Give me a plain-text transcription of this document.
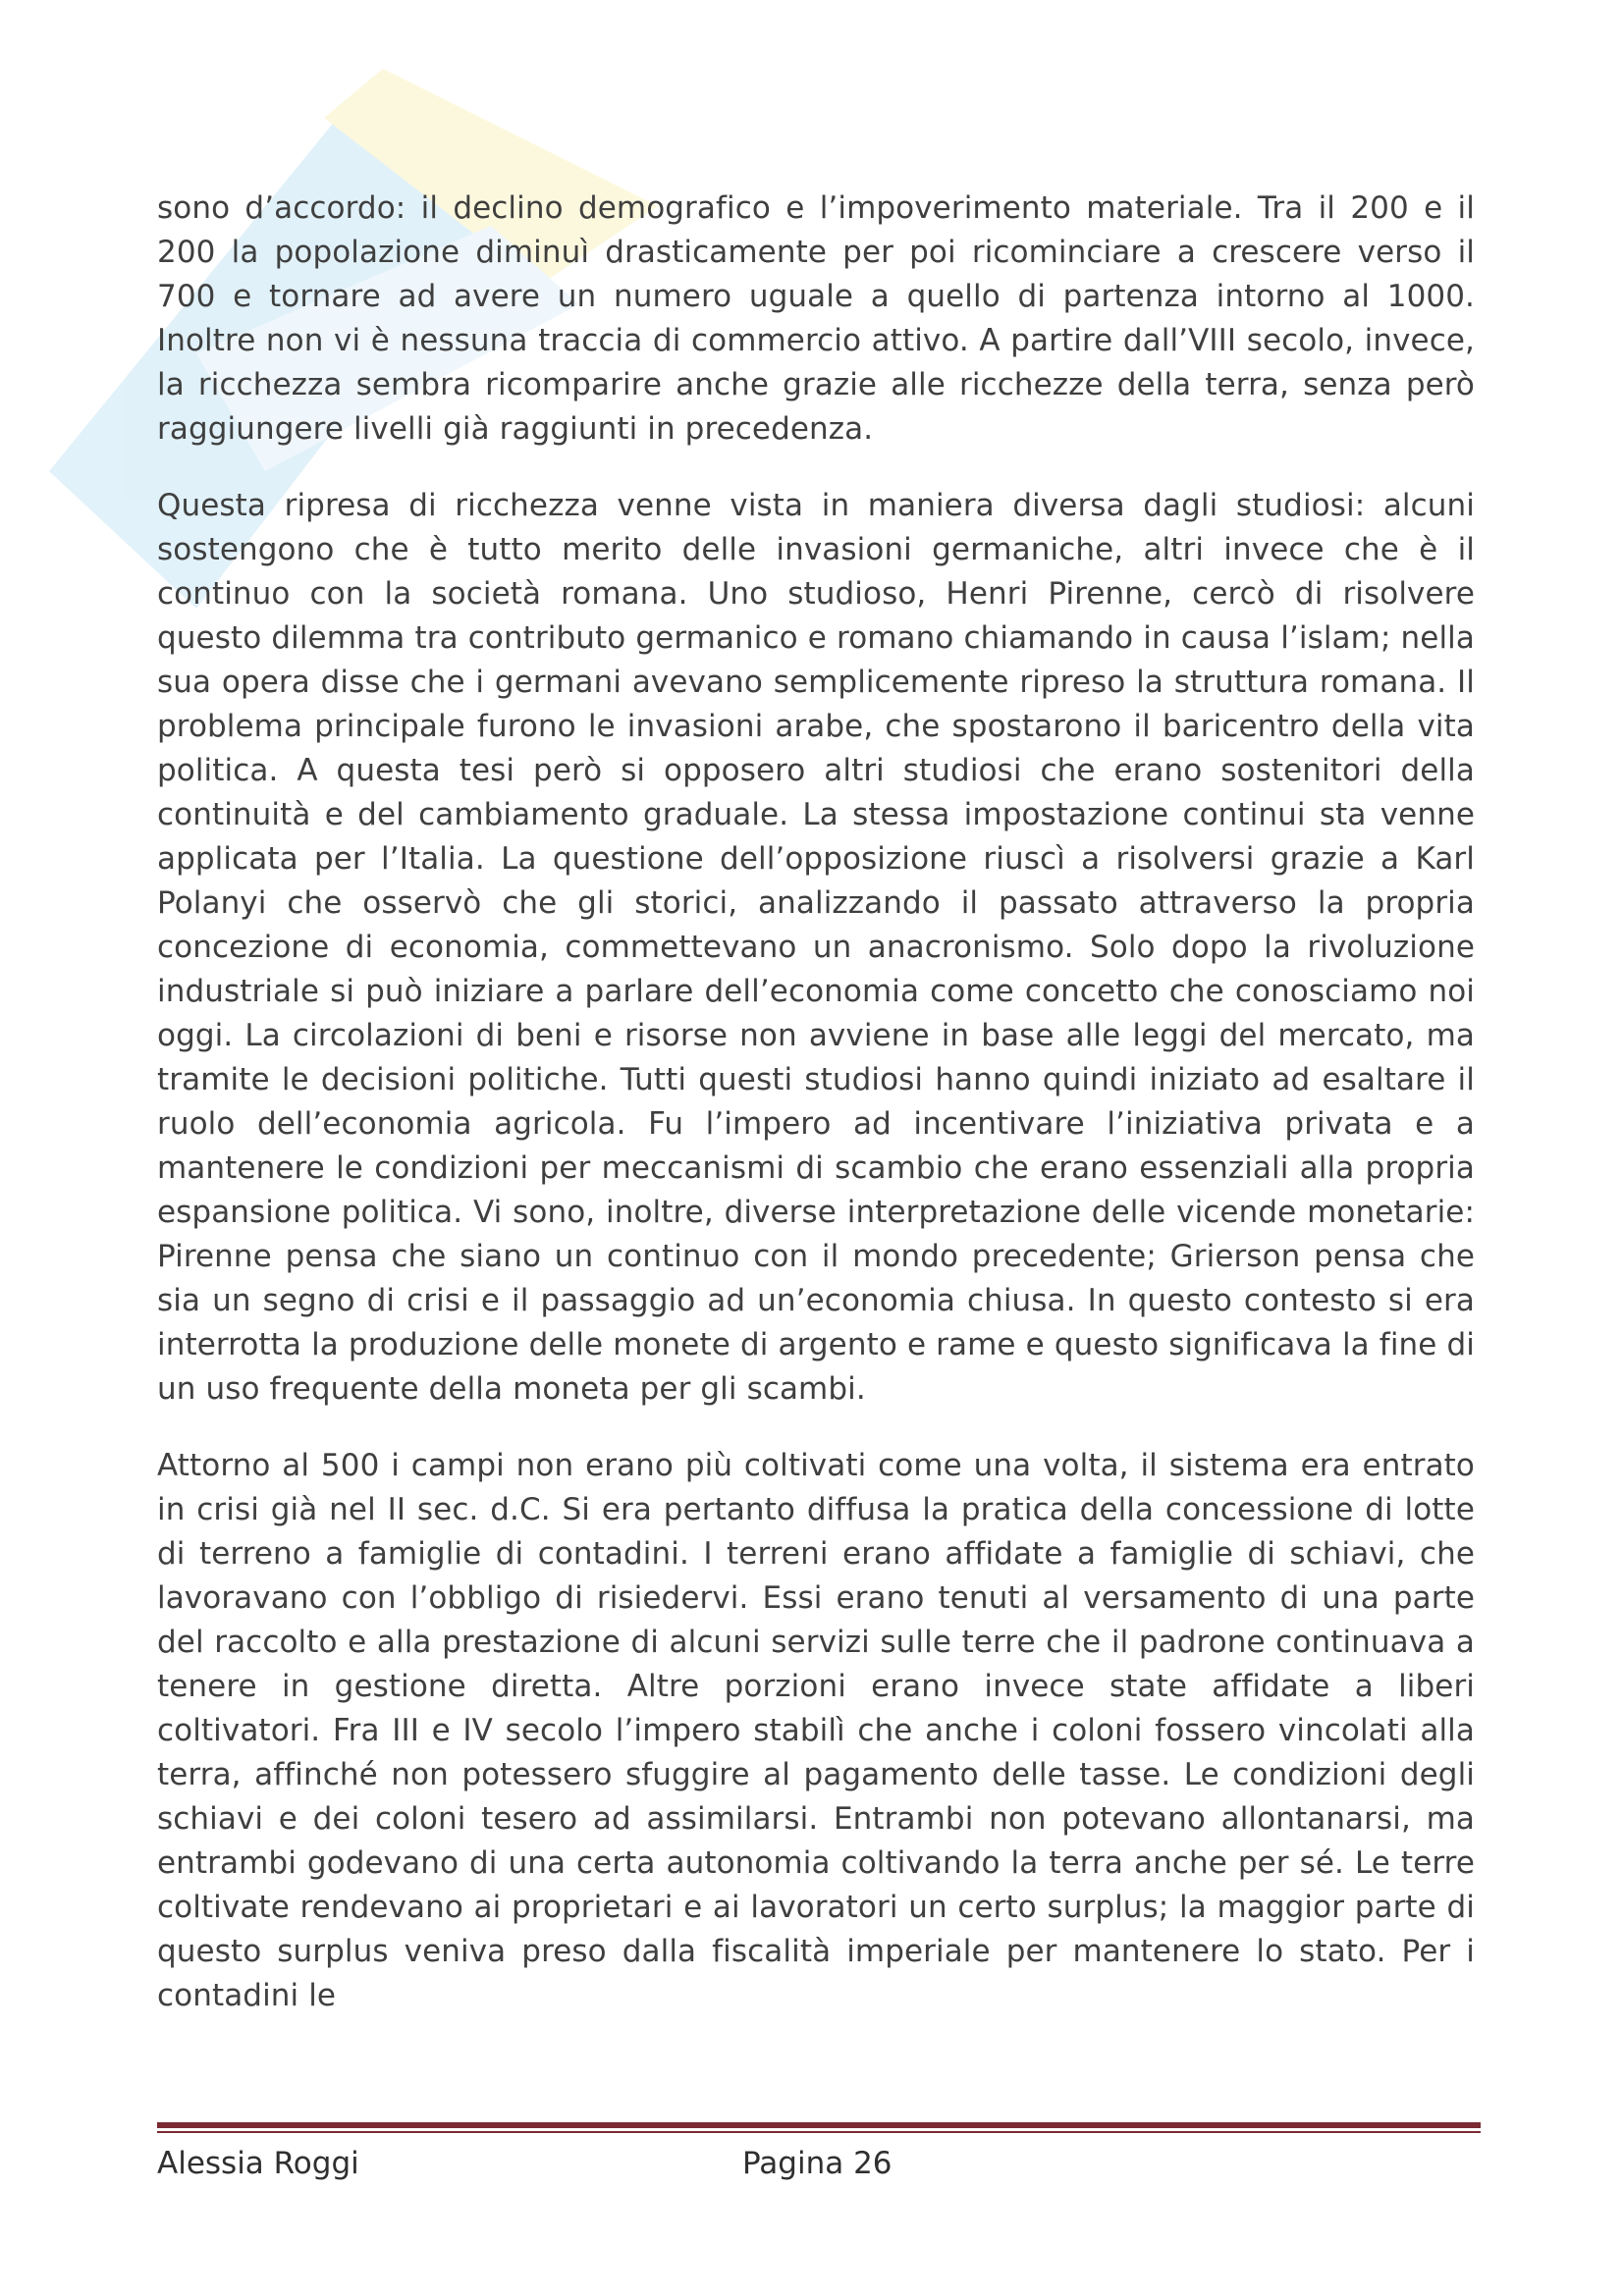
sono d’accordo: il declino demografico e l’impoverimento materiale. Tra il 200 e il 200 la popolazione diminuì drasticamente per poi ricominciare a crescere verso il 700 e tornare ad avere un numero uguale a quello di partenza intorno al 1000. Inoltre non vi è nessuna traccia di commercio attivo. A partire dall’VIII secolo, invece, la ricchezza sembra ricomparire anche grazie alle ricchezze della terra, senza però raggiungere livelli già raggiunti in precedenza.

Questa ripresa di ricchezza venne vista in maniera diversa dagli studiosi: alcuni sostengono che è tutto merito delle invasioni germaniche, altri invece che è il continuo con la società romana. Uno studioso, Henri Pirenne, cercò di risolvere questo dilemma tra contributo germanico e romano chiamando in causa l’islam; nella sua opera disse che i germani avevano semplicemente ripreso la struttura romana. Il problema principale furono le invasioni arabe, che spostarono il baricentro della vita politica. A questa tesi però si opposero altri studiosi che erano sostenitori della continuità e del cambiamento graduale. La stessa impostazione continui sta venne applicata per l’Italia. La questione dell’opposizione riuscì a risolversi grazie a Karl Polanyi che osservò che gli storici, analizzando il passato attraverso la propria concezione di economia, commettevano un anacronismo. Solo dopo la rivoluzione industriale si può iniziare a parlare dell’economia come concetto che conosciamo noi oggi. La circolazioni di beni e risorse non avviene in base alle leggi del mercato, ma tramite le decisioni politiche. Tutti questi studiosi hanno quindi iniziato ad esaltare il ruolo dell’economia agricola. Fu l’impero ad incentivare l’iniziativa privata e a mantenere le condizioni per meccanismi di scambio che erano essenziali alla propria espansione politica. Vi sono, inoltre, diverse interpretazione delle vicende monetarie: Pirenne pensa che siano un continuo con il mondo precedente; Grierson pensa che sia un segno di crisi e il passaggio ad un’economia chiusa. In questo contesto si era interrotta la produzione delle monete di argento e rame e questo significava la fine di un uso frequente della moneta per gli scambi.

Attorno al 500 i campi non erano più coltivati come una volta, il sistema era entrato in crisi già nel II sec. d.C. Si era pertanto diffusa la pratica della concessione di lotte di terreno a famiglie di contadini. I terreni erano affidate a famiglie di schiavi, che lavoravano con l’obbligo di risiedervi. Essi erano tenuti al versamento di una parte del raccolto e alla prestazione di alcuni servizi sulle terre che il padrone continuava a tenere in gestione diretta. Altre porzioni erano invece state affidate a liberi coltivatori. Fra III e IV secolo l’impero stabilì che anche i coloni fossero vincolati alla terra, affinché non potessero sfuggire al pagamento delle tasse. Le condizioni degli schiavi e dei coloni tesero ad assimilarsi. Entrambi non potevano allontanarsi, ma entrambi godevano di una certa autonomia coltivando la terra anche per sé. Le terre coltivate rendevano ai proprietari e ai lavoratori un certo surplus; la maggior parte di questo surplus veniva preso dalla fiscalità imperiale per mantenere lo stato. Per i contadini le

Alessia Roggi	Pagina 26
